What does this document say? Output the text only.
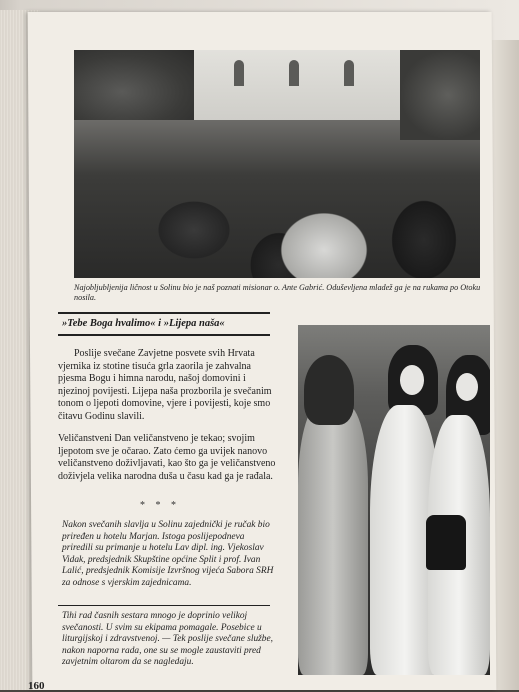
Najobljubljenija ličnost u Solinu bio je naš poznati misionar o. Ante Gabrić. Oduševljena mladež ga je na rukama po Otoku nosila.
»Tebe Boga hvalimo« i »Lijepa naša«
Poslije svečane Zavjetne posvete svih Hrvata vjernika iz stotine tisuća grla zaorila je zahvalna pjesma Bogu i himna narodu, našoj domovini i njezinoj povijesti. Lijepa naša prozborila je svečanim tonom o ljepoti domovine, vjere i povijesti, koje smo čitavu Godinu slavili.
Veličanstveni Dan veličanstveno je tekao; svojim ljepotom sve je očarao. Zato ćemo ga uvijek nanovo veličanstveno doživljavati, kao što ga je veličanstveno doživjela velika narodna duša u času kad ga je rađala.
* * *
Nakon svečanih slavlja u Solinu zajednički je ručak bio priređen u hotelu Marjan. Istoga poslijepodneva priredili su primanje u hotelu Lav dipl. ing. Vjekoslav Vidak, predsjednik Skupštine općine Split i prof. Ivan Lalić, predsjednik Komisije Izvršnog vijeća Sabora SRH za odnose s vjerskim zajednicama.
Tihi rad časnih sestara mnogo je doprinio velikoj svečanosti. U svim su ekipama pomagale. Posebice u liturgijskoj i zdravstvenoj. — Tek poslije svečane službe, nakon naporna rada, one su se mogle zaustaviti pred zavjetnim oltarom da se nagledaju.
160
